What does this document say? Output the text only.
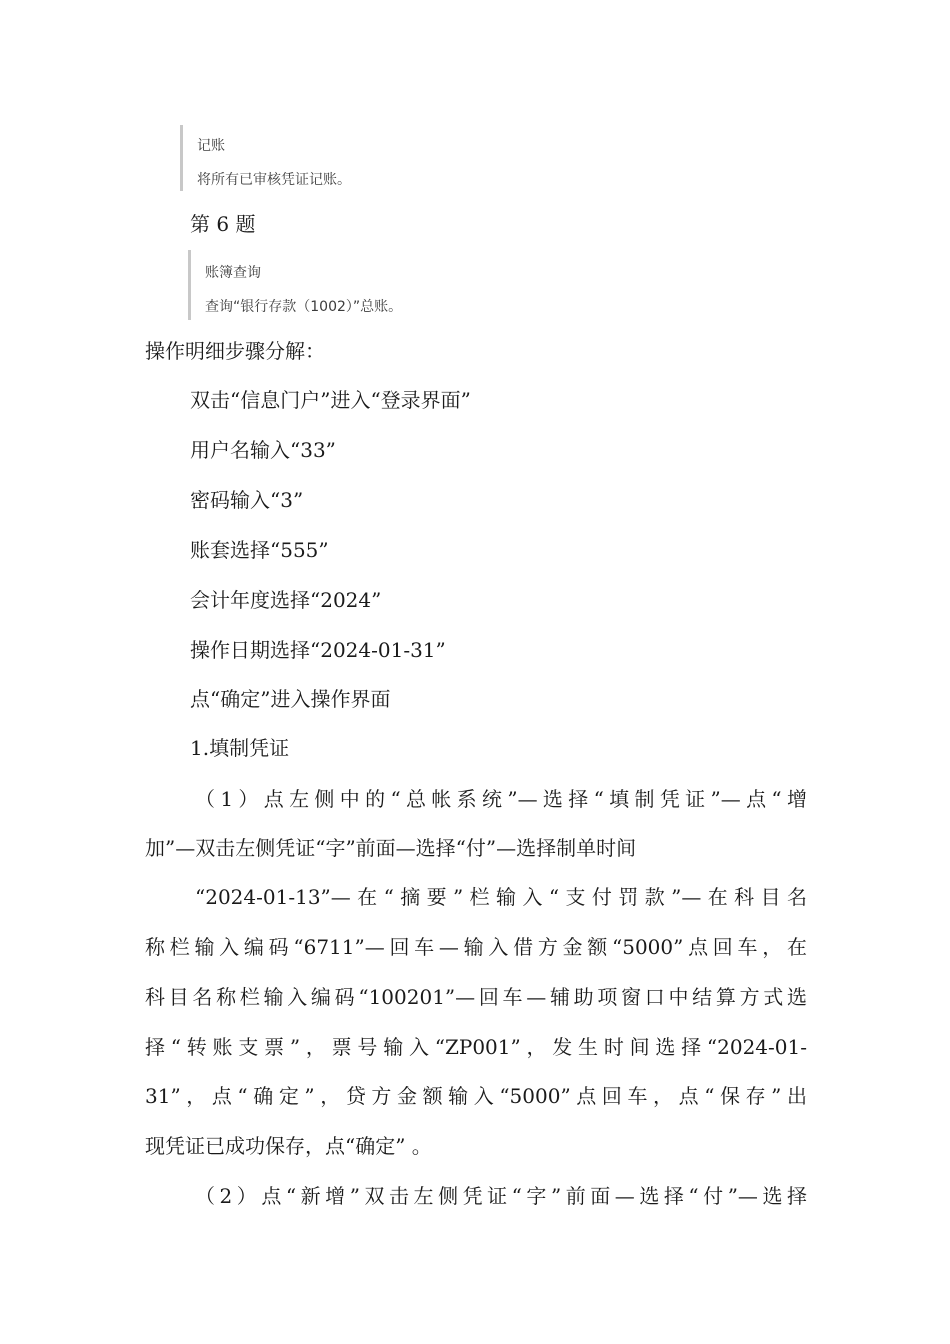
记账
将所有已审核凭证记账。
第 6 题
账簿查询
查询“银行存款（1002）”总账。
操作明细步骤分解：
双击“信息门户”进入“登录界面”
用户名输入“33”
密码输入“3”
账套选择“555”
会计年度选择“2024”
操作日期选择“2024-01-31”
点“确定”进入操作界面
1.填制凭证
（1）点左侧中的“总帐系统”—选择“填制凭证”—点“增
加”—双击左侧凭证“字”前面—选择“付”—选择制单时间
“2024-01-13”—在“摘要”栏输入“支付罚款”—在科目名
称栏输入编码“6711”—回车—输入借方金额“5000”点回车，在
科目名称栏输入编码“100201”—回车—辅助项窗口中结算方式选
择“转账支票”，票号输入“ZP001”，发生时间选择“2024-01-
31”，点“确定”，贷方金额输入“5000”点回车，点“保存”出
现凭证已成功保存，点“确定” 。
（2）点“新增”双击左侧凭证“字”前面—选择“付”—选择
